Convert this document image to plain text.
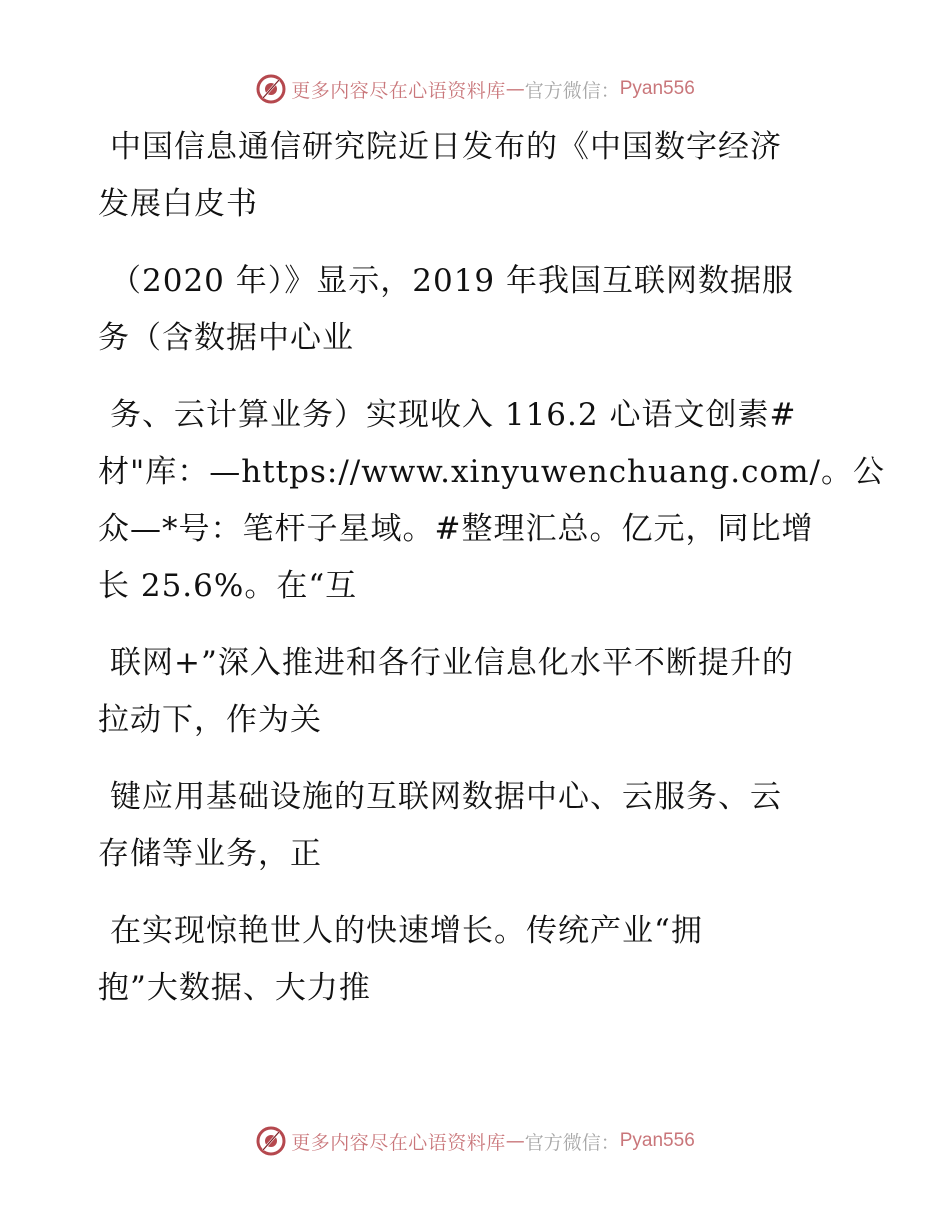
更多内容尽在心语资料库 — 官方微信： Pyan556
中国信息通信研究院近日发布的《中国数字经济
发展白皮书
（2020 年）》显示，2019 年我国互联网数据服
务（含数据中心业
务、云计算业务）实现收入 116.2 心语文创素#
材"库：—https://www.xinyuwenchuang.com/。公
众—*号：笔杆子星域。#整理汇总。亿元，同比增
长 25.6%。在“互
联网+”深入推进和各行业信息化水平不断提升的
拉动下，作为关
键应用基础设施的互联网数据中心、云服务、云
存储等业务，正
在实现惊艳世人的快速增长。传统产业“拥
抱”大数据、大力推
更多内容尽在心语资料库 — 官方微信： Pyan556
